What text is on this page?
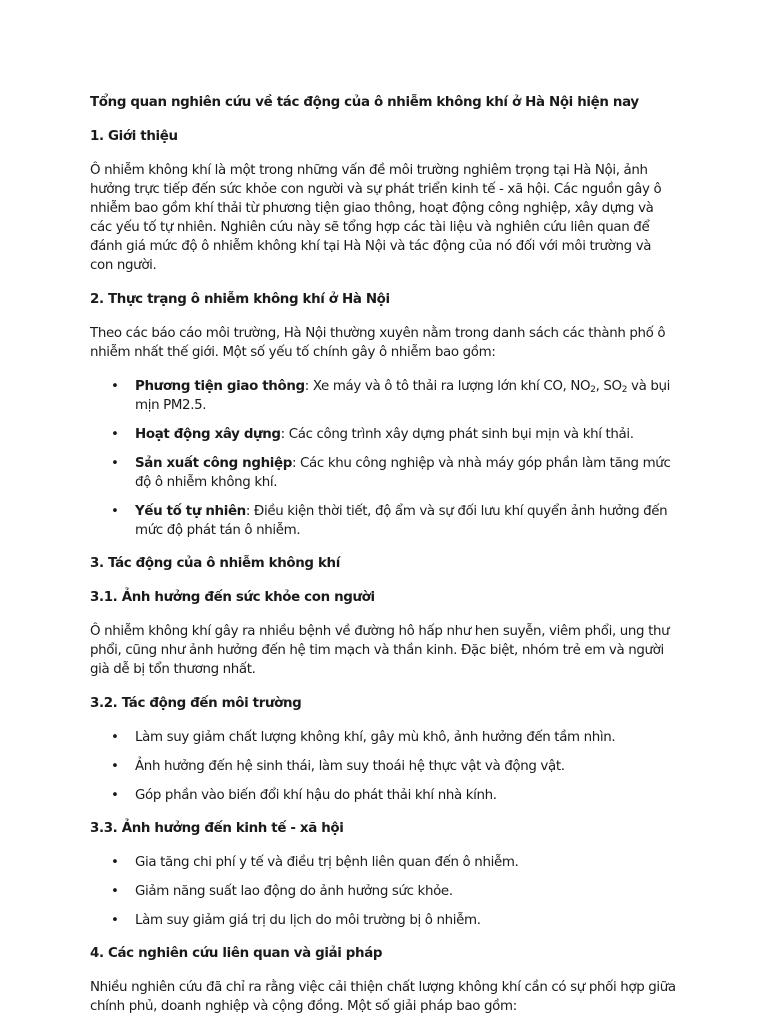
Tổng quan nghiên cứu về tác động của ô nhiễm không khí ở Hà Nội hiện nay

1. Giới thiệu

Ô nhiễm không khí là một trong những vấn đề môi trường nghiêm trọng tại Hà Nội, ảnh hưởng trực tiếp đến sức khỏe con người và sự phát triển kinh tế - xã hội. Các nguồn gây ô nhiễm bao gồm khí thải từ phương tiện giao thông, hoạt động công nghiệp, xây dựng và các yếu tố tự nhiên. Nghiên cứu này sẽ tổng hợp các tài liệu và nghiên cứu liên quan để đánh giá mức độ ô nhiễm không khí tại Hà Nội và tác động của nó đối với môi trường và con người.

2. Thực trạng ô nhiễm không khí ở Hà Nội

Theo các báo cáo môi trường, Hà Nội thường xuyên nằm trong danh sách các thành phố ô nhiễm nhất thế giới. Một số yếu tố chính gây ô nhiễm bao gồm:

• Phương tiện giao thông: Xe máy và ô tô thải ra lượng lớn khí CO, $NO_2$, $SO_2$ và bụi mịn PM2.5.
• Hoạt động xây dựng: Các công trình xây dựng phát sinh bụi mịn và khí thải.
• Sản xuất công nghiệp: Các khu công nghiệp và nhà máy góp phần làm tăng mức độ ô nhiễm không khí.
• Yếu tố tự nhiên: Điều kiện thời tiết, độ ẩm và sự đối lưu khí quyển ảnh hưởng đến mức độ phát tán ô nhiễm.

3. Tác động của ô nhiễm không khí

3.1. Ảnh hưởng đến sức khỏe con người

Ô nhiễm không khí gây ra nhiều bệnh về đường hô hấp như hen suyễn, viêm phổi, ung thư phổi, cũng như ảnh hưởng đến hệ tim mạch và thần kinh. Đặc biệt, nhóm trẻ em và người già dễ bị tổn thương nhất.

3.2. Tác động đến môi trường

• Làm suy giảm chất lượng không khí, gây mù khô, ảnh hưởng đến tầm nhìn.
• Ảnh hưởng đến hệ sinh thái, làm suy thoái hệ thực vật và động vật.
• Góp phần vào biến đổi khí hậu do phát thải khí nhà kính.

3.3. Ảnh hưởng đến kinh tế - xã hội

• Gia tăng chi phí y tế và điều trị bệnh liên quan đến ô nhiễm.
• Giảm năng suất lao động do ảnh hưởng sức khỏe.
• Làm suy giảm giá trị du lịch do môi trường bị ô nhiễm.

4. Các nghiên cứu liên quan và giải pháp

Nhiều nghiên cứu đã chỉ ra rằng việc cải thiện chất lượng không khí cần có sự phối hợp giữa chính phủ, doanh nghiệp và cộng đồng. Một số giải pháp bao gồm:
